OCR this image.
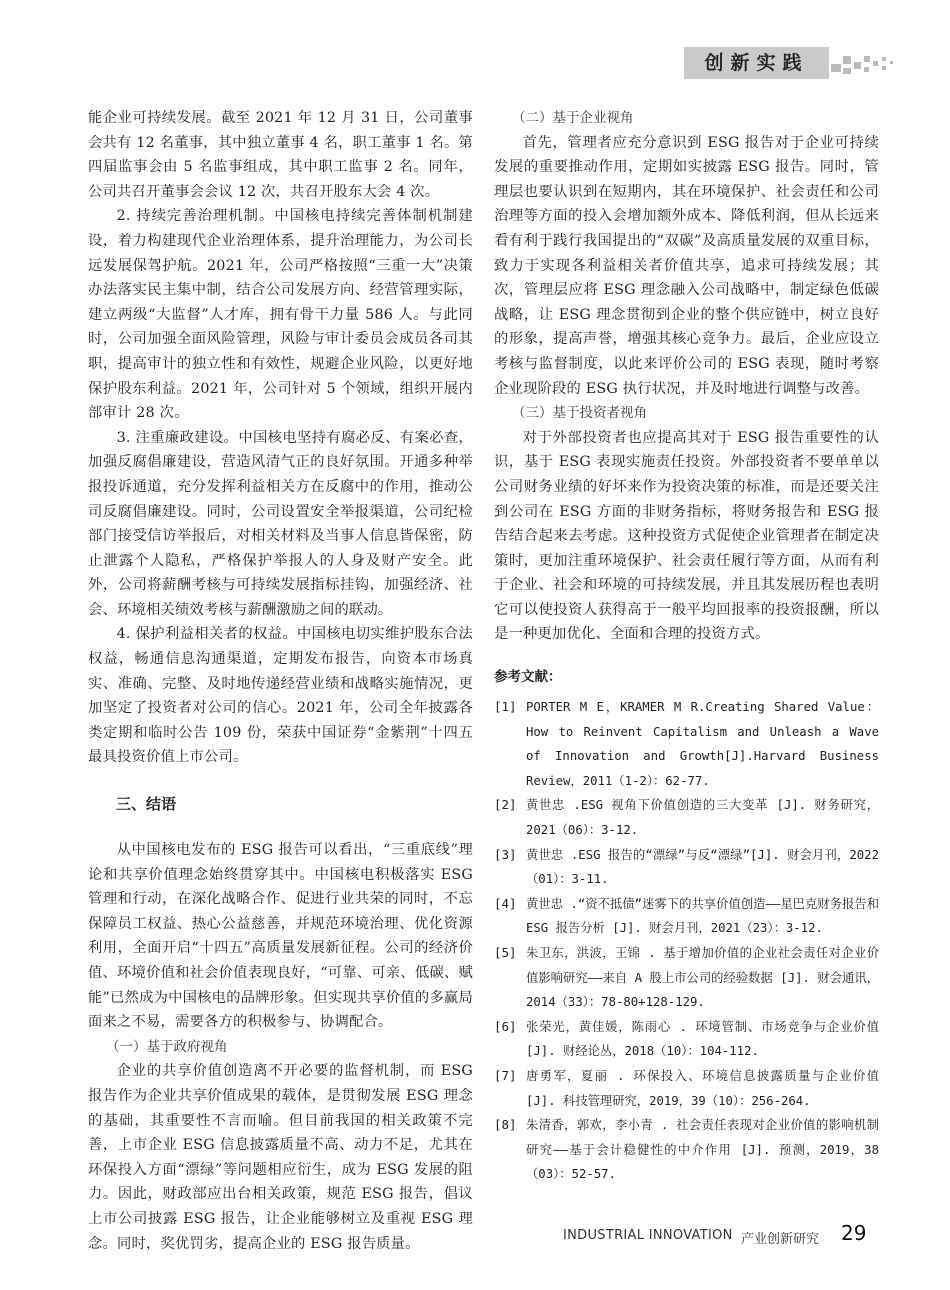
创新实践

能企业可持续发展。截至 2021 年 12 月 31 日，公司董事会共有 12 名董事，其中独立董事 4 名，职工董事 1 名。第四届监事会由 5 名监事组成，其中职工监事 2 名。同年，公司共召开董事会会议 12 次，共召开股东大会 4 次。

2. 持续完善治理机制。中国核电持续完善体制机制建设，着力构建现代企业治理体系，提升治理能力，为公司长远发展保驾护航。2021 年，公司严格按照“三重一大”决策办法落实民主集中制，结合公司发展方向、经营管理实际，建立两级“大监督”人才库，拥有骨干力量 586 人。与此同时，公司加强全面风险管理，风险与审计委员会成员各司其职，提高审计的独立性和有效性，规避企业风险，以更好地保护股东利益。2021 年，公司针对 5 个领域，组织开展内部审计 28 次。

3. 注重廉政建设。中国核电坚持有腐必反、有案必查，加强反腐倡廉建设，营造风清气正的良好氛围。开通多种举报投诉通道，充分发挥利益相关方在反腐中的作用，推动公司反腐倡廉建设。同时，公司设置安全举报渠道，公司纪检部门接受信访举报后，对相关材料及当事人信息皆保密，防止泄露个人隐私，严格保护举报人的人身及财产安全。此外，公司将薪酬考核与可持续发展指标挂钩，加强经济、社会、环境相关绩效考核与薪酬激励之间的联动。

4. 保护利益相关者的权益。中国核电切实维护股东合法权益，畅通信息沟通渠道，定期发布报告，向资本市场真实、准确、完整、及时地传递经营业绩和战略实施情况，更加坚定了投资者对公司的信心。2021 年，公司全年披露各类定期和临时公告 109 份，荣获中国证券“金紫荆”十四五最具投资价值上市公司。

三、结语

从中国核电发布的 ESG 报告可以看出，“三重底线”理论和共享价值理念始终贯穿其中。中国核电积极落实 ESG 管理和行动，在深化战略合作、促进行业共荣的同时，不忘保障员工权益、热心公益慈善，并规范环境治理、优化资源利用，全面开启“十四五”高质量发展新征程。公司的经济价值、环境价值和社会价值表现良好，“可靠、可亲、低碳、赋能”已然成为中国核电的品牌形象。但实现共享价值的多赢局面来之不易，需要各方的积极参与、协调配合。

（一）基于政府视角

企业的共享价值创造离不开必要的监督机制，而 ESG 报告作为企业共享价值成果的载体，是贯彻发展 ESG 理念的基础，其重要性不言而喻。但目前我国的相关政策不完善，上市企业 ESG 信息披露质量不高、动力不足，尤其在环保投入方面“漂绿”等问题相应衍生，成为 ESG 发展的阻力。因此，财政部应出台相关政策，规范 ESG 报告，倡议上市公司披露 ESG 报告，让企业能够树立及重视 ESG 理念。同时，奖优罚劣，提高企业的 ESG 报告质量。

（二）基于企业视角

首先，管理者应充分意识到 ESG 报告对于企业可持续发展的重要推动作用，定期如实披露 ESG 报告。同时，管理层也要认识到在短期内，其在环境保护、社会责任和公司治理等方面的投入会增加额外成本、降低利润，但从长远来看有利于践行我国提出的“双碳”及高质量发展的双重目标，致力于实现各利益相关者价值共享，追求可持续发展；其次，管理层应将 ESG 理念融入公司战略中，制定绿色低碳战略，让 ESG 理念贯彻到企业的整个供应链中，树立良好的形象，提高声誉，增强其核心竞争力。最后，企业应设立考核与监督制度，以此来评价公司的 ESG 表现，随时考察企业现阶段的 ESG 执行状况，并及时地进行调整与改善。

（三）基于投资者视角

对于外部投资者也应提高其对于 ESG 报告重要性的认识，基于 ESG 表现实施责任投资。外部投资者不要单单以公司财务业绩的好坏来作为投资决策的标准，而是还要关注到公司在 ESG 方面的非财务指标，将财务报告和 ESG 报告结合起来去考虑。这种投资方式促使企业管理者在制定决策时，更加注重环境保护、社会责任履行等方面，从而有利于企业、社会和环境的可持续发展，并且其发展历程也表明它可以使投资人获得高于一般平均回报率的投资报酬，所以是一种更加优化、全面和合理的投资方式。

参考文献：
[1] PORTER M E，KRAMER M R.Creating Shared Value：How to Reinvent Capitalism and Unleash a Wave of Innovation and Growth[J].Harvard Business Review，2011（1-2）：62-77.
[2] 黄世忠 .ESG 视角下价值创造的三大变革 [J]. 财务研究，2021（06）：3-12.
[3] 黄世忠 .ESG 报告的“漂绿”与反“漂绿”[J]. 财会月刊，2022（01）：3-11.
[4] 黄世忠 .“资不抵债”迷雾下的共享价值创造——星巴克财务报告和 ESG 报告分析 [J]. 财会月刊，2021（23）：3-12.
[5] 朱卫东，洪波，王锦 . 基于增加价值的企业社会责任对企业价值影响研究——来自 A 股上市公司的经验数据 [J]. 财会通讯，2014（33）：78-80+128-129.
[6] 张荣光，黄佳媛，陈雨心 . 环境管制、市场竞争与企业价值 [J]. 财经论丛，2018（10）：104-112.
[7] 唐勇军，夏丽 . 环保投入、环境信息披露质量与企业价值 [J]. 科技管理研究，2019，39（10）：256-264.
[8] 朱清香，郭欢，李小青 . 社会责任表现对企业价值的影响机制研究——基于会计稳健性的中介作用 [J]. 预测，2019，38（03）：52-57.
INDUSTRIAL INNOVATION 产业创新研究 29
